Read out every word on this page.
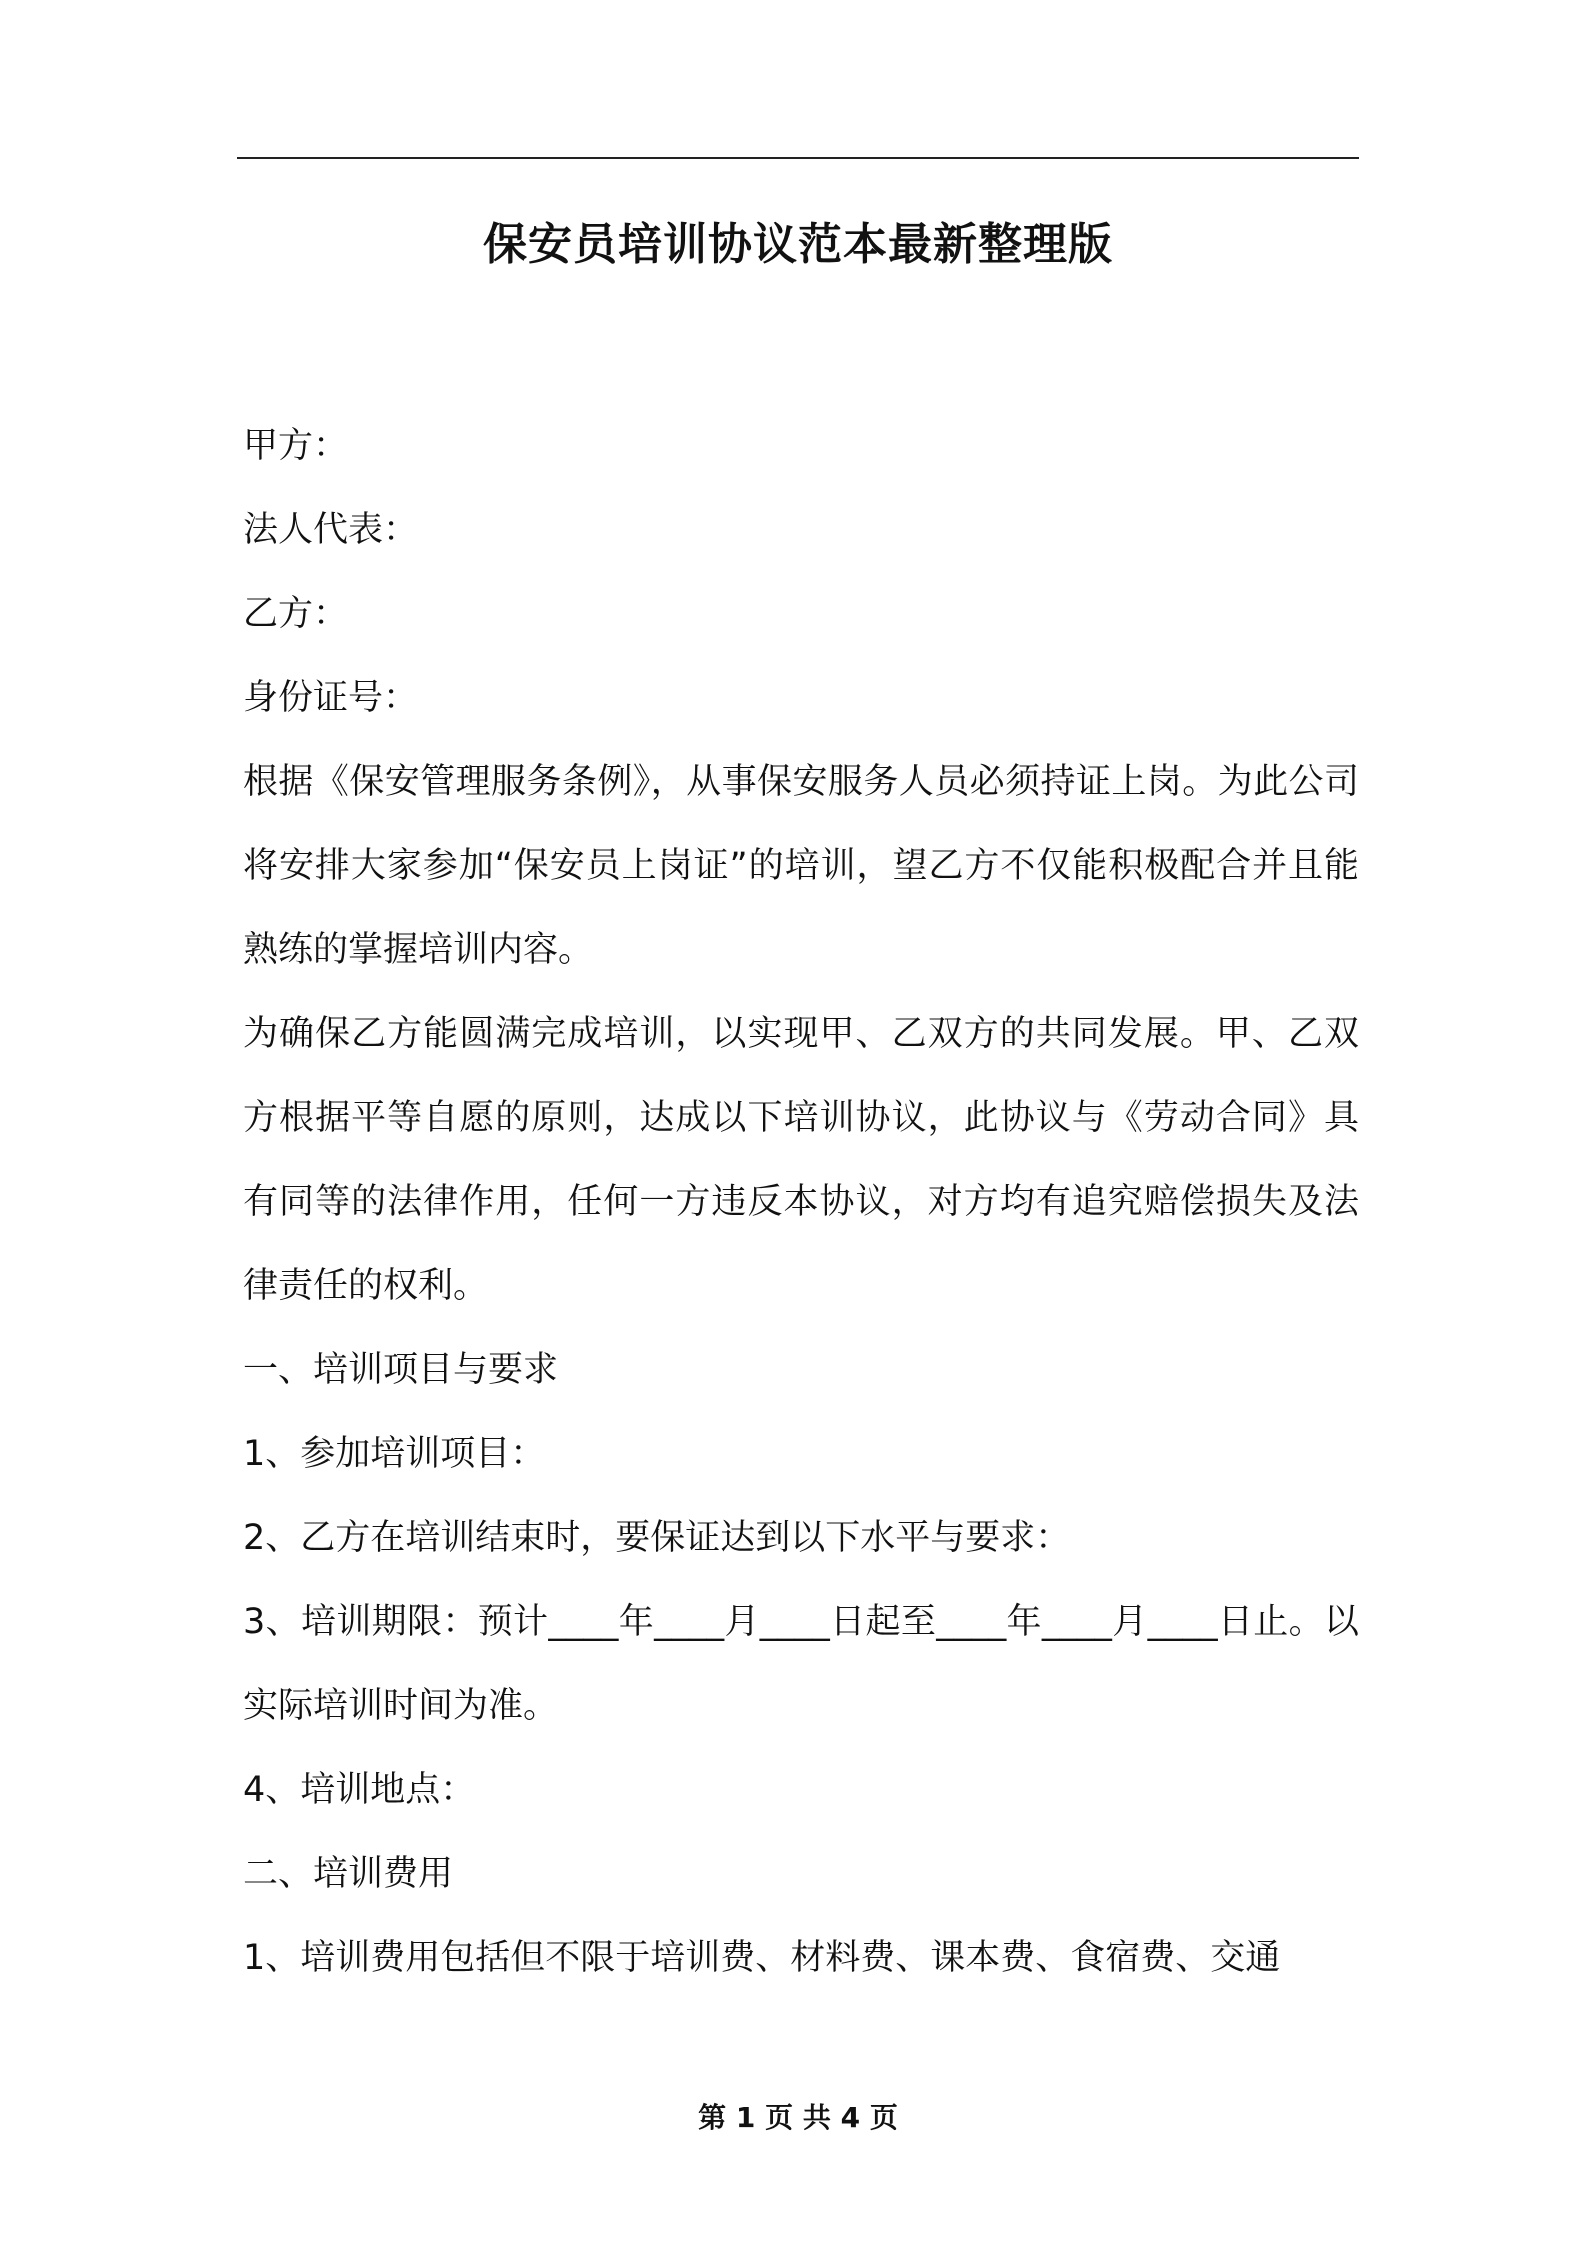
保安员培训协议范本最新整理版

甲方：

法人代表：

乙方：

身份证号：

根据《保安管理服务条例》，从事保安服务人员必须持证上岗。为此公司将安排大家参加“保安员上岗证”的培训，望乙方不仅能积极配合并且能熟练的掌握培训内容。

为确保乙方能圆满完成培训，以实现甲、乙双方的共同发展。甲、乙双方根据平等自愿的原则，达成以下培训协议，此协议与《劳动合同》具有同等的法律作用，任何一方违反本协议，对方均有追究赔偿损失及法律责任的权利。

一、培训项目与要求

1、参加培训项目：

2、乙方在培训结束时，要保证达到以下水平与要求：

3、培训期限：预计____年____月____日起至____年____月____日止。以实际培训时间为准。

4、培训地点：

二、培训费用

1、培训费用包括但不限于培训费、材料费、课本费、食宿费、交通

第 1 页 共 4 页
